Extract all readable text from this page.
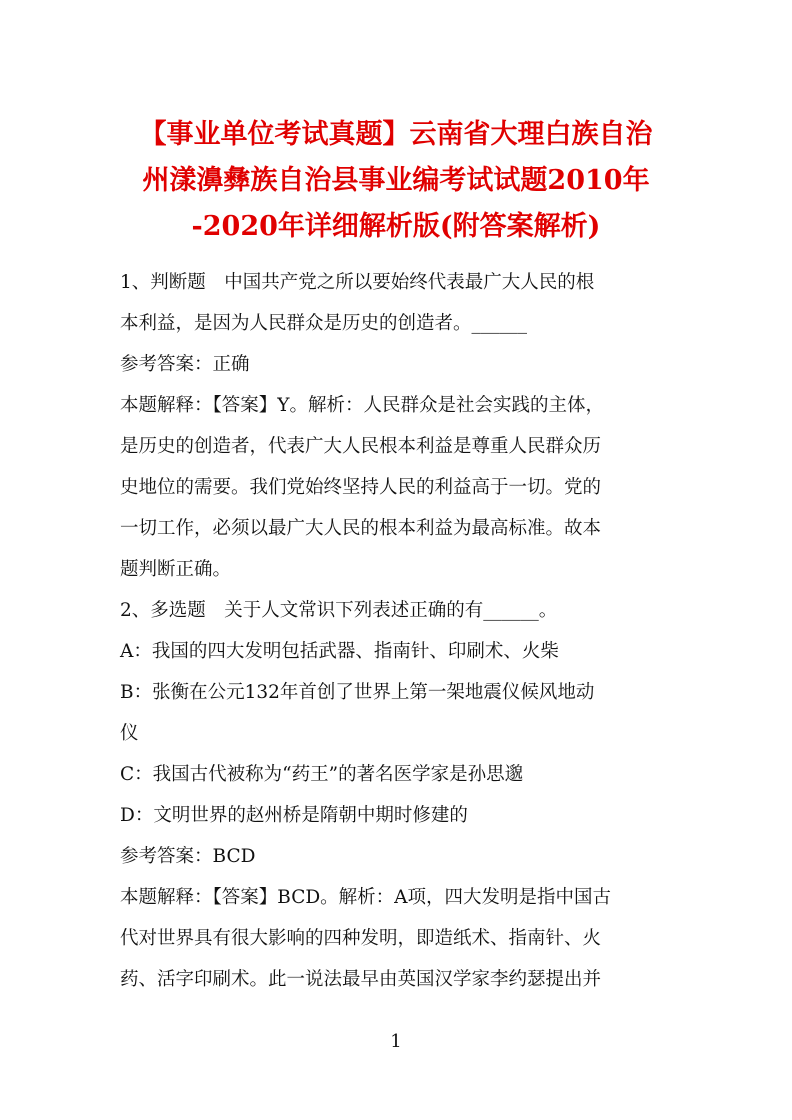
【事业单位考试真题】云南省大理白族自治
州漾濞彝族自治县事业编考试试题2010年
-2020年详细解析版(附答案解析)
1、判断题　中国共产党之所以要始终代表最广大人民的根
本利益，是因为人民群众是历史的创造者。______
参考答案：正确
本题解释：【答案】Y。解析：人民群众是社会实践的主体，
是历史的创造者，代表广大人民根本利益是尊重人民群众历
史地位的需要。我们党始终坚持人民的利益高于一切。党的
一切工作，必须以最广大人民的根本利益为最高标准。故本
题判断正确。
2、多选题　关于人文常识下列表述正确的有______。
A：我国的四大发明包括武器、指南针、印刷术、火柴
B：张衡在公元132年首创了世界上第一架地震仪候风地动
仪
C：我国古代被称为“药王”的著名医学家是孙思邈
D：文明世界的赵州桥是隋朝中期时修建的
参考答案：BCD
本题解释：【答案】BCD。解析：A项，四大发明是指中国古
代对世界具有很大影响的四种发明，即造纸术、指南针、火
药、活字印刷术。此一说法最早由英国汉学家李约瑟提出并
1
